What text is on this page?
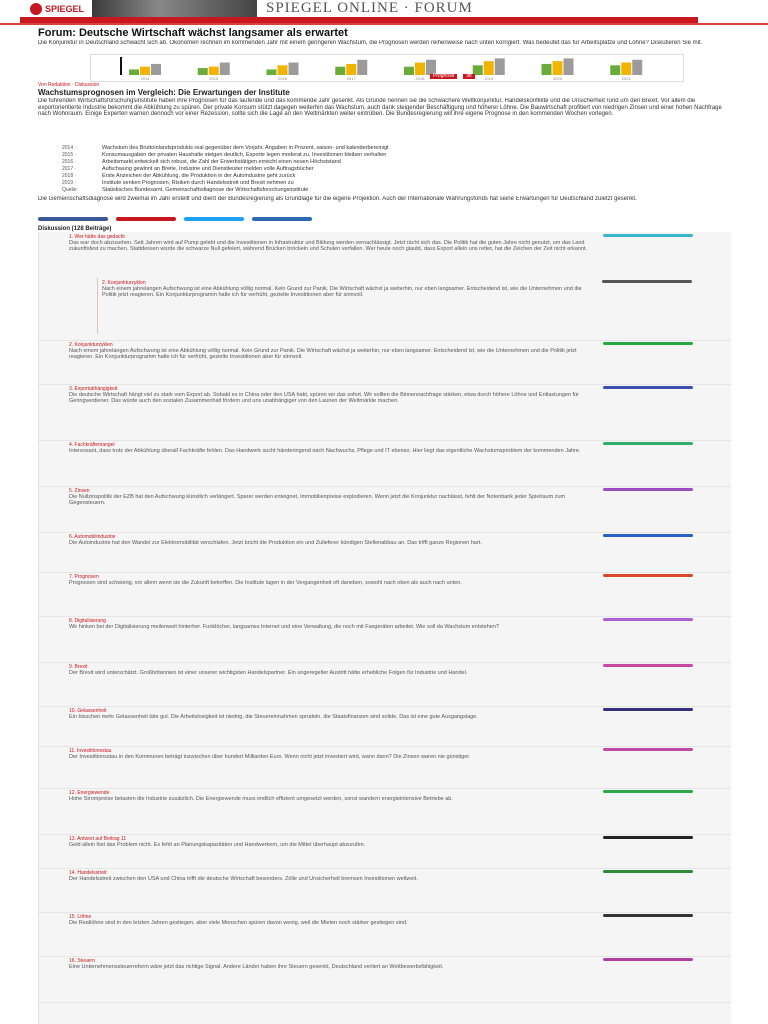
SPIEGEL	SPIEGEL ONLINE · FORUM
Forum: Deutsche Wirtschaft wächst langsamer als erwartet
Die Konjunktur in Deutschland schwächt sich ab. Ökonomen rechnen im kommenden Jahr mit einem geringeren Wachstum, die Prognosen werden reihenweise nach unten korrigiert. Was bedeutet das für Arbeitsplätze und Löhne? Diskutieren Sie mit.
2014	2015	2016	2017	2018	2019	2020	2021
Prognose	Ist
Von Redaktion · Diskussion
Wachstumsprognosen im Vergleich: Die Erwartungen der Institute
Die führenden Wirtschaftsforschungsinstitute haben ihre Prognosen für das laufende und das kommende Jahr gesenkt. Als Gründe nennen sie die schwächere Weltkonjunktur, Handelskonflikte und die Unsicherheit rund um den Brexit. Vor allem die exportorientierte Industrie bekommt die Abkühlung zu spüren. Der private Konsum stützt dagegen weiterhin das Wachstum, auch dank steigender Beschäftigung und höherer Löhne. Die Bauwirtschaft profitiert von niedrigen Zinsen und einer hohen Nachfrage nach Wohnraum. Einige Experten warnen dennoch vor einer Rezession, sollte sich die Lage an den Weltmärkten weiter eintrüben. Die Bundesregierung will ihre eigene Prognose in den kommenden Wochen vorlegen.
2014 ·	Wachstum des Bruttoinlandsprodukts real gegenüber dem Vorjahr, Angaben in Prozent, saison- und kalenderbereinigt
2015 ·	Konsumausgaben der privaten Haushalte steigen deutlich, Exporte legen moderat zu, Investitionen bleiben verhalten
2016 ·	Arbeitsmarkt entwickelt sich robust, die Zahl der Erwerbstätigen erreicht einen neuen Höchststand
2017 ·	Aufschwung gewinnt an Breite, Industrie und Dienstleister melden volle Auftragsbücher
2018 ·	Erste Anzeichen der Abkühlung, die Produktion in der Autoindustrie geht zurück
2019 ·	Institute senken Prognosen, Risiken durch Handelsstreit und Brexit nehmen zu
Quelle:	Statistisches Bundesamt, Gemeinschaftsdiagnose der Wirtschaftsforschungsinstitute
Die Gemeinschaftsdiagnose wird zweimal im Jahr erstellt und dient der Bundesregierung als Grundlage für die eigene Projektion. Auch der Internationale Währungsfonds hat seine Erwartungen für Deutschland zuletzt gesenkt.
Diskussion (128 Beiträge)
1. Wer hätte das gedacht
Das war doch abzusehen. Seit Jahren wird auf Pump gelebt und die Investitionen in Infrastruktur und Bildung werden vernachlässigt. Jetzt rächt sich das. Die Politik hat die guten Jahre nicht genutzt, um das Land zukunftsfest zu machen. Stattdessen wurde die schwarze Null gefeiert, während Brücken bröckeln und Schulen verfallen. Wer heute noch glaubt, dass Export allein uns rettet, hat die Zeichen der Zeit nicht erkannt.
2. Konjunkturzyklen
Nach einem jahrelangen Aufschwung ist eine Abkühlung völlig normal. Kein Grund zur Panik. Die Wirtschaft wächst ja weiterhin, nur eben langsamer. Entscheidend ist, wie die Unternehmen und die Politik jetzt reagieren. Ein Konjunkturprogramm halte ich für verfrüht, gezielte Investitionen aber für sinnvoll.
2. Konjunkturzyklen
Nach einem jahrelangen Aufschwung ist eine Abkühlung völlig normal. Kein Grund zur Panik. Die Wirtschaft wächst ja weiterhin, nur eben langsamer. Entscheidend ist, wie die Unternehmen und die Politik jetzt reagieren. Ein Konjunkturprogramm halte ich für verfrüht, gezielte Investitionen aber für sinnvoll.
3. Exportabhängigkeit
Die deutsche Wirtschaft hängt viel zu stark vom Export ab. Sobald es in China oder den USA hakt, spüren wir das sofort. Wir sollten die Binnennachfrage stärken, etwa durch höhere Löhne und Entlastungen für Geringverdiener. Das würde auch den sozialen Zusammenhalt fördern und uns unabhängiger von den Launen der Weltmärkte machen.
4. Fachkräftemangel
Interessant, dass trotz der Abkühlung überall Fachkräfte fehlen. Das Handwerk sucht händeringend nach Nachwuchs, Pflege und IT ebenso. Hier liegt das eigentliche Wachstumsproblem der kommenden Jahre.
5. Zinsen
Die Nullzinspolitik der EZB hat den Aufschwung künstlich verlängert. Sparer werden enteignet, Immobilienpreise explodieren. Wenn jetzt die Konjunktur nachlässt, fehlt der Notenbank jeder Spielraum zum Gegensteuern.
6. Automobilindustrie
Die Autoindustrie hat den Wandel zur Elektromobilität verschlafen. Jetzt bricht die Produktion ein und Zulieferer kündigen Stellenabbau an. Das trifft ganze Regionen hart.
7. Prognosen
Prognosen sind schwierig, vor allem wenn sie die Zukunft betreffen. Die Institute lagen in der Vergangenheit oft daneben, sowohl nach oben als auch nach unten.
8. Digitalisierung
Wir hinken bei der Digitalisierung meilenweit hinterher. Funklöcher, langsames Internet und eine Verwaltung, die noch mit Faxgeräten arbeitet. Wie soll da Wachstum entstehen?
9. Brexit
Der Brexit wird unterschätzt. Großbritannien ist einer unserer wichtigsten Handelspartner. Ein ungeregelter Austritt hätte erhebliche Folgen für Industrie und Handel.
10. Gelassenheit
Ein bisschen mehr Gelassenheit täte gut. Die Arbeitslosigkeit ist niedrig, die Steuereinnahmen sprudeln, die Staatsfinanzen sind solide. Das ist eine gute Ausgangslage.
11. Investitionsstau
Der Investitionsstau in den Kommunen beträgt inzwischen über hundert Milliarden Euro. Wenn nicht jetzt investiert wird, wann dann? Die Zinsen waren nie günstiger.
12. Energiewende
Hohe Strompreise belasten die Industrie zusätzlich. Die Energiewende muss endlich effizient umgesetzt werden, sonst wandern energieintensive Betriebe ab.
13. Antwort auf Beitrag 11
Geld allein löst das Problem nicht. Es fehlt an Planungskapazitäten und Handwerkern, um die Mittel überhaupt abzurufen.
14. Handelsstreit
Der Handelsstreit zwischen den USA und China trifft die deutsche Wirtschaft besonders. Zölle und Unsicherheit bremsen Investitionen weltweit.
15. Löhne
Die Reallöhne sind in den letzten Jahren gestiegen, aber viele Menschen spüren davon wenig, weil die Mieten noch stärker gestiegen sind.
16. Steuern
Eine Unternehmenssteuerreform wäre jetzt das richtige Signal. Andere Länder haben ihre Steuern gesenkt, Deutschland verliert an Wettbewerbsfähigkeit.
